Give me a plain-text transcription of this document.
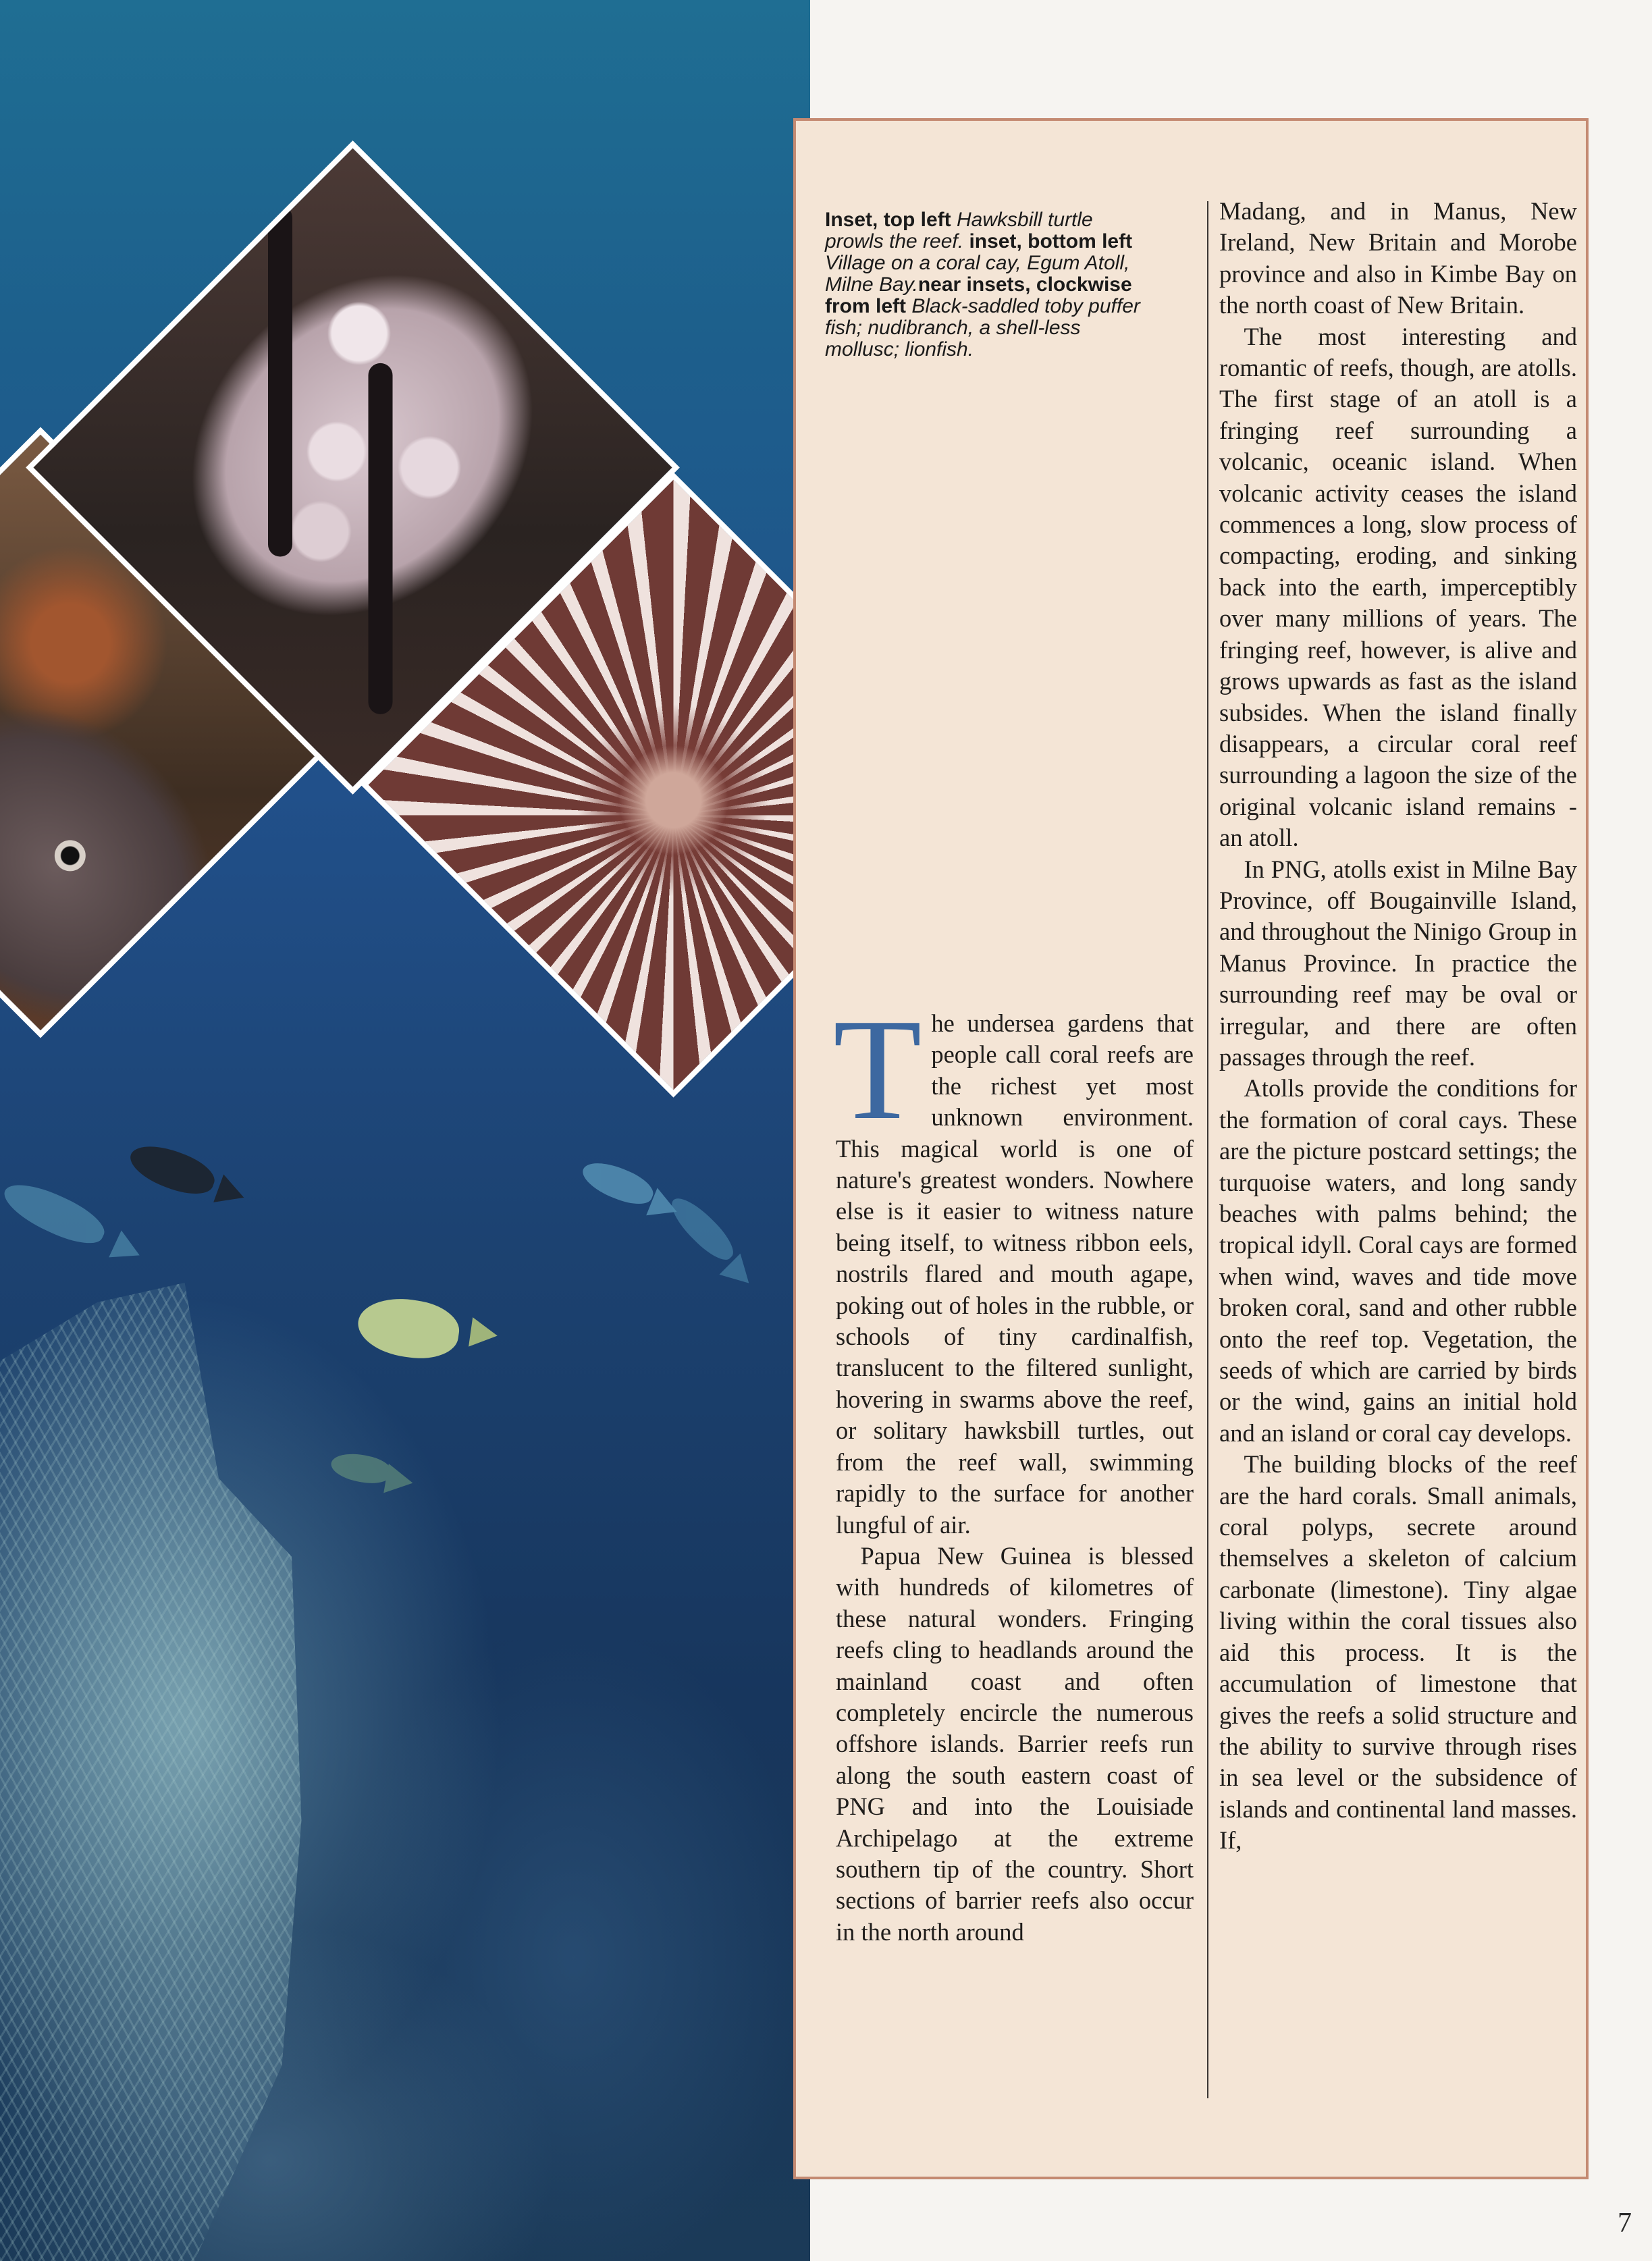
Inset, top left Hawksbill turtle prowls the reef. inset, bottom left Village on a coral cay, Egum Atoll, Milne Bay.near insets, clockwise from left Black-saddled toby puffer fish; nudibranch, a shell-less mollusc; lionfish.

The undersea gardens that people call coral reefs are the richest yet most unknown environment. This magical world is one of nature's greatest wonders. Nowhere else is it easier to witness nature being itself, to witness ribbon eels, nostrils flared and mouth agape, poking out of holes in the rubble, or schools of tiny cardinalfish, translucent to the filtered sunlight, hovering in swarms above the reef, or solitary hawksbill turtles, out from the reef wall, swimming rapidly to the surface for another lungful of air.

Papua New Guinea is blessed with hundreds of kilometres of these natural wonders. Fringing reefs cling to headlands around the mainland coast and often completely encircle the numerous offshore islands. Barrier reefs run along the south eastern coast of PNG and into the Louisiade Archipelago at the extreme southern tip of the country. Short sections of barrier reefs also occur in the north around

Madang, and in Manus, New Ireland, New Britain and Morobe province and also in Kimbe Bay on the north coast of New Britain.

The most interesting and romantic of reefs, though, are atolls. The first stage of an atoll is a fringing reef surrounding a volcanic, oceanic island. When volcanic activity ceases the island commences a long, slow process of compacting, eroding, and sinking back into the earth, imperceptibly over many millions of years. The fringing reef, however, is alive and grows upwards as fast as the island subsides. When the island finally disappears, a circular coral reef surrounding a lagoon the size of the original volcanic island remains - an atoll.

In PNG, atolls exist in Milne Bay Province, off Bougainville Island, and throughout the Ninigo Group in Manus Province. In practice the surrounding reef may be oval or irregular, and there are often passages through the reef.

Atolls provide the conditions for the formation of coral cays. These are the picture postcard settings; the turquoise waters, and long sandy beaches with palms behind; the tropical idyll. Coral cays are formed when wind, waves and tide move broken coral, sand and other rubble onto the reef top. Vegetation, the seeds of which are carried by birds or the wind, gains an initial hold and an island or coral cay develops.

The building blocks of the reef are the hard corals. Small animals, coral polyps, secrete around themselves a skeleton of calcium carbonate (limestone). Tiny algae living within the coral tissues also aid this process. It is the accumulation of limestone that gives the reefs a solid structure and the ability to survive through rises in sea level or the subsidence of islands and continental land masses. If,

7
